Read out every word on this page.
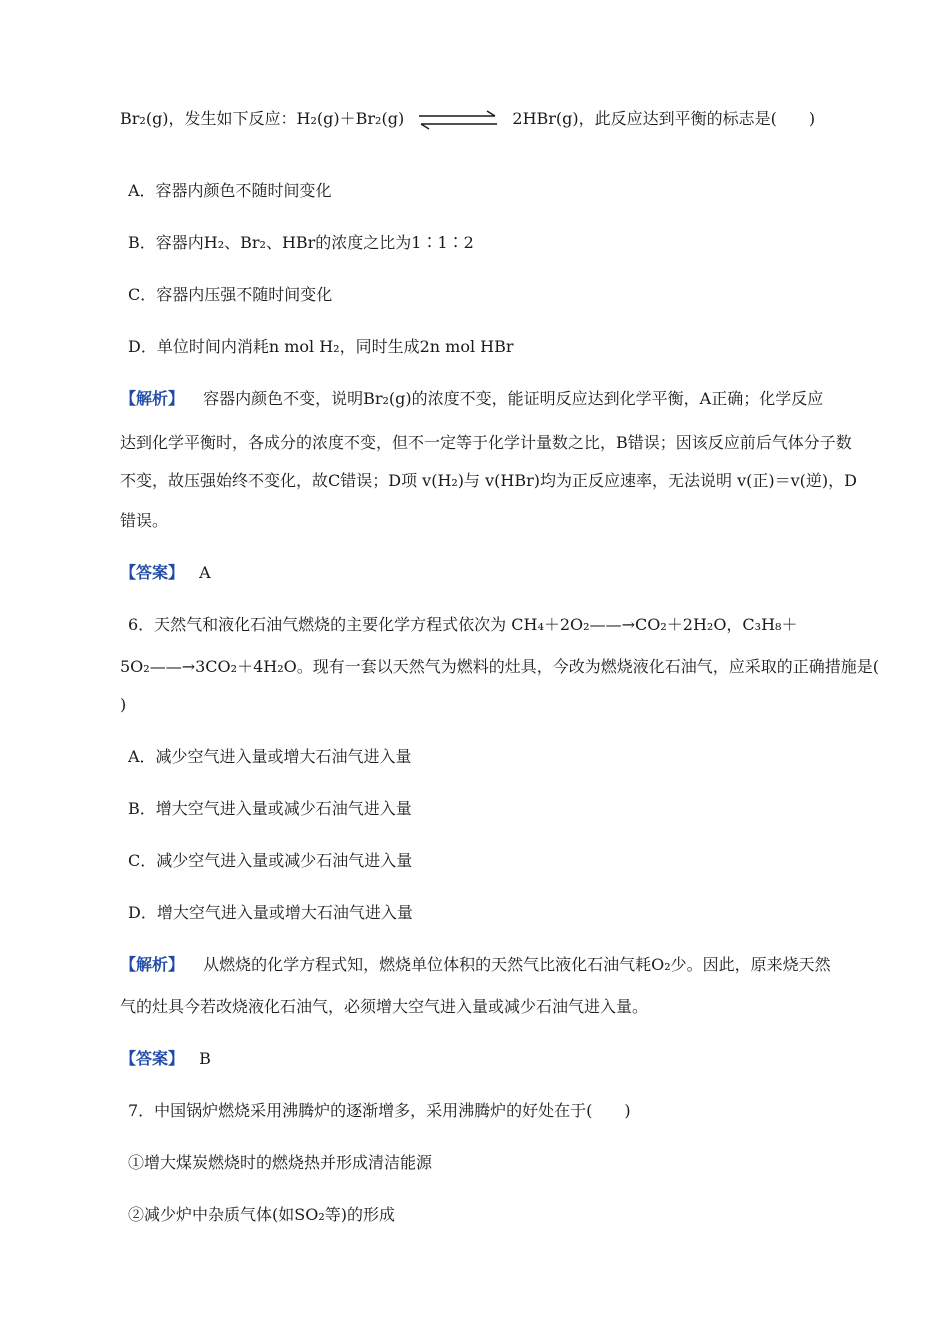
Br₂(g)，发生如下反应：H₂(g)＋Br₂(g)	2HBr(g)，此反应达到平衡的标志是(　　)
A．容器内颜色不随时间变化
B．容器内H₂、Br₂、HBr的浓度之比为1∶1∶2
C．容器内压强不随时间变化
D．单位时间内消耗n mol H₂，同时生成2n mol HBr
【解析】 容器内颜色不变，说明Br₂(g)的浓度不变，能证明反应达到化学平衡，A正确；化学反应
达到化学平衡时，各成分的浓度不变，但不一定等于化学计量数之比，B错误；因该反应前后气体分子数
不变，故压强始终不变化，故C错误；D项 v(H₂)与 v(HBr)均为正反应速率，无法说明 v(正)＝v(逆)，D
错误。
【答案】 A
6．天然气和液化石油气燃烧的主要化学方程式依次为 CH₄＋2O₂——→CO₂＋2H₂O，C₃H₈＋
5O₂——→3CO₂＋4H₂O。现有一套以天然气为燃料的灶具，今改为燃烧液化石油气，应采取的正确措施是(
)
A．减少空气进入量或增大石油气进入量
B．增大空气进入量或减少石油气进入量
C．减少空气进入量或减少石油气进入量
D．增大空气进入量或增大石油气进入量
【解析】 从燃烧的化学方程式知，燃烧单位体积的天然气比液化石油气耗O₂少。因此，原来烧天然
气的灶具今若改烧液化石油气，必须增大空气进入量或减少石油气进入量。
【答案】 B
7．中国锅炉燃烧采用沸腾炉的逐渐增多，采用沸腾炉的好处在于(　　)
①增大煤炭燃烧时的燃烧热并形成清洁能源
②减少炉中杂质气体(如SO₂等)的形成
